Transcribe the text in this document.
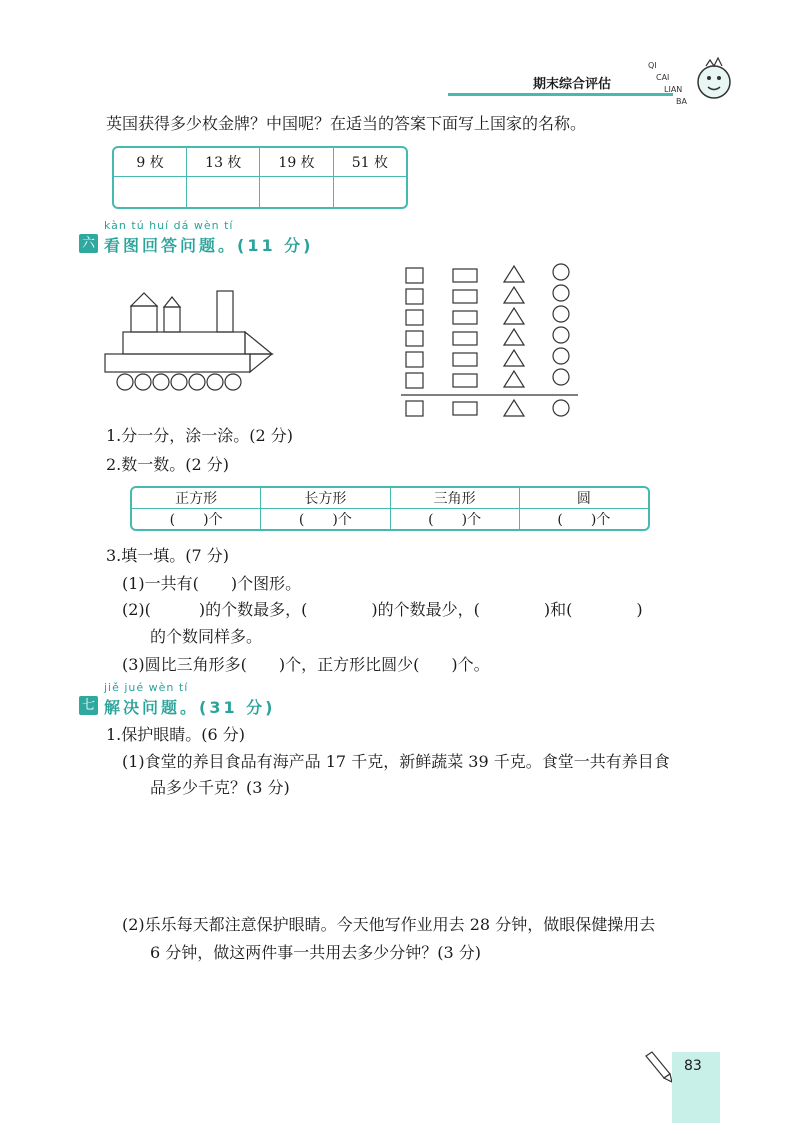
期末综合评估
QI
CAI
LIAN
BA
英国获得多少枚金牌？中国呢？在适当的答案下面写上国家的名称。
9 枚	13 枚	19 枚	51 枚

kàn tú huí dá wèn tí
六 看图回答问题。(11 分)
1.分一分，涂一涂。(2 分)
2.数一数。(2 分)
正方形	长方形	三角形	圆
(　　)个	(　　)个	(　　)个	(　　)个
3.填一填。(7 分)
(1)一共有(　　)个图形。
(2)(　　　)的个数最多，(　　　　)的个数最少，(　　　　)和(　　　　)
的个数同样多。
(3)圆比三角形多(　　)个，正方形比圆少(　　)个。
jiě jué wèn tí
七 解决问题。(31 分)
1.保护眼睛。(6 分)
(1)食堂的养目食品有海产品 17 千克，新鲜蔬菜 39 千克。食堂一共有养目食
品多少千克？(3 分)
(2)乐乐每天都注意保护眼睛。今天他写作业用去 28 分钟，做眼保健操用去
6 分钟，做这两件事一共用去多少分钟？(3 分)
83
